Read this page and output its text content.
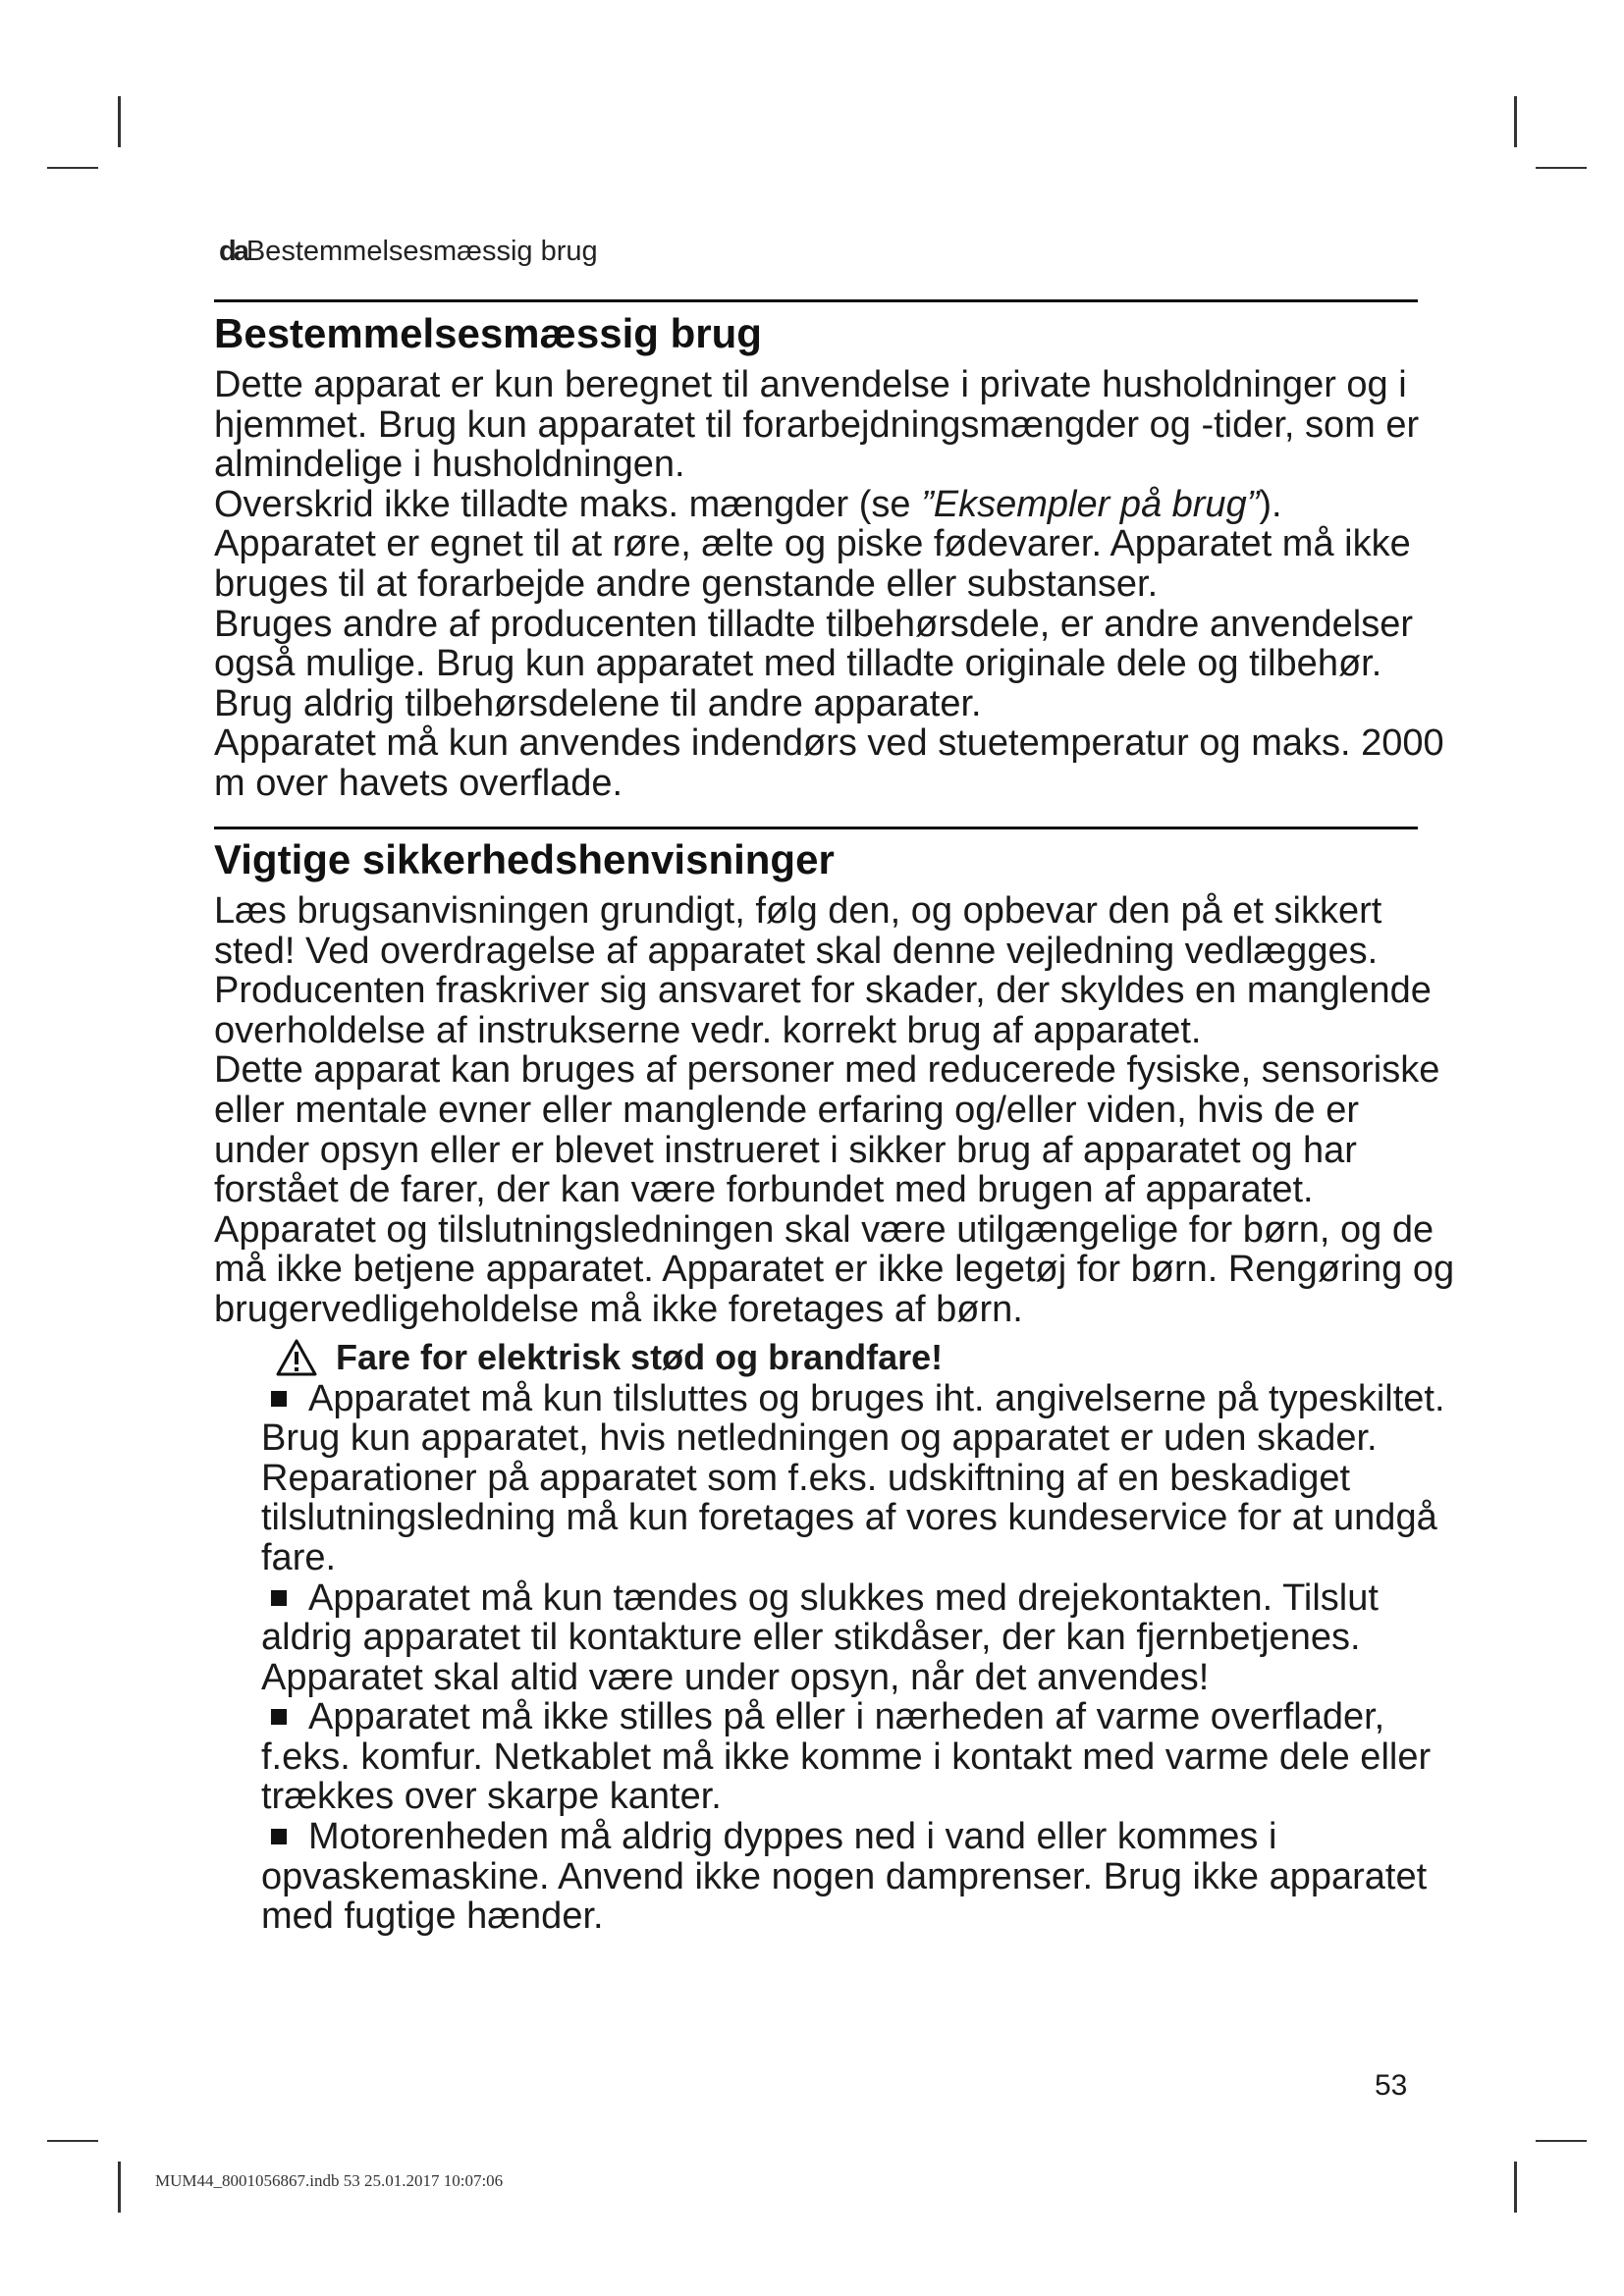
daBestemmelsesmæssig brug
Bestemmelsesmæssig brug

Dette apparat er kun beregnet til anvendelse i private husholdninger og i hjemmet. Brug kun apparatet til forarbejdningsmængder og -tider, som er almindelige i husholdningen.

Overskrid ikke tilladte maks. mængder (se ”Eksempler på brug”).

Apparatet er egnet til at røre, ælte og piske fødevarer. Apparatet må ikke bruges til at forarbejde andre genstande eller substanser.

Bruges andre af producenten tilladte tilbehørsdele, er andre anvendelser også mulige. Brug kun apparatet med tilladte originale dele og tilbehør. Brug aldrig tilbehørsdelene til andre apparater.

Apparatet må kun anvendes indendørs ved stuetemperatur og maks. 2000 m over havets overflade.

Vigtige sikkerhedshenvisninger

Læs brugsanvisningen grundigt, følg den, og opbevar den på et sikkert sted! Ved overdragelse af apparatet skal denne vejledning vedlægges. Producenten fraskriver sig ansvaret for skader, der skyldes en manglende overholdelse af instrukserne vedr. korrekt brug af apparatet.

Dette apparat kan bruges af personer med reducerede fysiske, sensoriske eller mentale evner eller manglende erfaring og/eller viden, hvis de er under opsyn eller er blevet instrueret i sikker brug af apparatet og har forstået de farer, der kan være forbundet med brugen af apparatet. Apparatet og tilslutningsledningen skal være utilgængelige for børn, og de må ikke betjene apparatet. Apparatet er ikke legetøj for børn. Rengøring og brugervedligeholdelse må ikke foretages af børn.

Fare for elektrisk stød og brandfare!
Apparatet må kun tilsluttes og bruges iht. angivelserne på typeskiltet. Brug kun apparatet, hvis netledningen og apparatet er uden skader. Reparationer på apparatet som f.eks. udskiftning af en beskadiget tilslutningsledning må kun foretages af vores kundeservice for at undgå fare.
Apparatet må kun tændes og slukkes med drejekontakten. Tilslut aldrig apparatet til kontakture eller stikdåser, der kan fjernbetjenes. Apparatet skal altid være under opsyn, når det anvendes!
Apparatet må ikke stilles på eller i nærheden af varme overflader, f.eks. komfur. Netkablet må ikke komme i kontakt med varme dele eller trækkes over skarpe kanter.
Motorenheden må aldrig dyppes ned i vand eller kommes i opvaskemaskine. Anvend ikke nogen damprenser. Brug ikke apparatet med fugtige hænder.
53
MUM44_8001056867.indb 53 25.01.2017 10:07:06
